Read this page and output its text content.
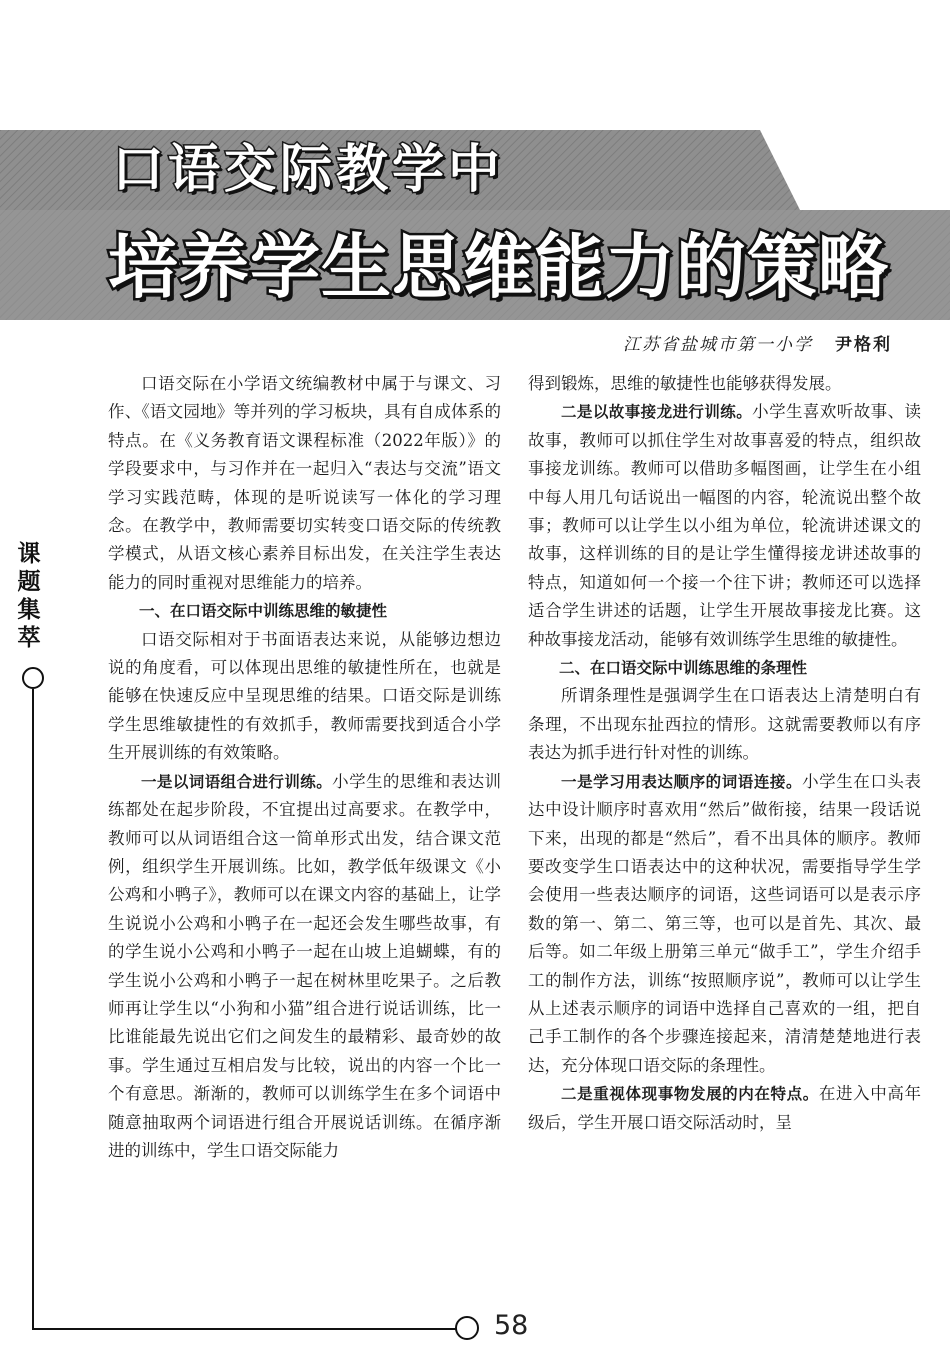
口语交际教学中
培养学生思维能力的策略
江苏省盐城市第一小学 尹格利
课
题
集
萃
58

口语交际在小学语文统编教材中属于与课文、习作、《语文园地》等并列的学习板块，具有自成体系的特点。在《义务教育语文课程标准（2022年版）》的学段要求中，与习作并在一起归入“表达与交流”语文学习实践范畴，体现的是听说读写一体化的学习理念。在教学中，教师需要切实转变口语交际的传统教学模式，从语文核心素养目标出发，在关注学生表达能力的同时重视对思维能力的培养。

一、在口语交际中训练思维的敏捷性

口语交际相对于书面语表达来说，从能够边想边说的角度看，可以体现出思维的敏捷性所在，也就是能够在快速反应中呈现思维的结果。口语交际是训练学生思维敏捷性的有效抓手，教师需要找到适合小学生开展训练的有效策略。

一是以词语组合进行训练。小学生的思维和表达训练都处在起步阶段，不宜提出过高要求。在教学中，教师可以从词语组合这一简单形式出发，结合课文范例，组织学生开展训练。比如，教学低年级课文《小公鸡和小鸭子》，教师可以在课文内容的基础上，让学生说说小公鸡和小鸭子在一起还会发生哪些故事，有的学生说小公鸡和小鸭子一起在山坡上追蝴蝶，有的学生说小公鸡和小鸭子一起在树林里吃果子。之后教师再让学生以“小狗和小猫”组合进行说话训练，比一比谁能最先说出它们之间发生的最精彩、最奇妙的故事。学生通过互相启发与比较，说出的内容一个比一个有意思。渐渐的，教师可以训练学生在多个词语中随意抽取两个词语进行组合开展说话训练。在循序渐进的训练中，学生口语交际能力

得到锻炼，思维的敏捷性也能够获得发展。

二是以故事接龙进行训练。小学生喜欢听故事、读故事，教师可以抓住学生对故事喜爱的特点，组织故事接龙训练。教师可以借助多幅图画，让学生在小组中每人用几句话说出一幅图的内容，轮流说出整个故事；教师可以让学生以小组为单位，轮流讲述课文的故事，这样训练的目的是让学生懂得接龙讲述故事的特点，知道如何一个接一个往下讲；教师还可以选择适合学生讲述的话题，让学生开展故事接龙比赛。这种故事接龙活动，能够有效训练学生思维的敏捷性。

二、在口语交际中训练思维的条理性

所谓条理性是强调学生在口语表达上清楚明白有条理，不出现东扯西拉的情形。这就需要教师以有序表达为抓手进行针对性的训练。

一是学习用表达顺序的词语连接。小学生在口头表达中设计顺序时喜欢用“然后”做衔接，结果一段话说下来，出现的都是“然后”，看不出具体的顺序。教师要改变学生口语表达中的这种状况，需要指导学生学会使用一些表达顺序的词语，这些词语可以是表示序数的第一、第二、第三等，也可以是首先、其次、最后等。如二年级上册第三单元“做手工”，学生介绍手工的制作方法，训练“按照顺序说”，教师可以让学生从上述表示顺序的词语中选择自己喜欢的一组，把自己手工制作的各个步骤连接起来，清清楚楚地进行表达，充分体现口语交际的条理性。

二是重视体现事物发展的内在特点。在进入中高年级后，学生开展口语交际活动时，呈
